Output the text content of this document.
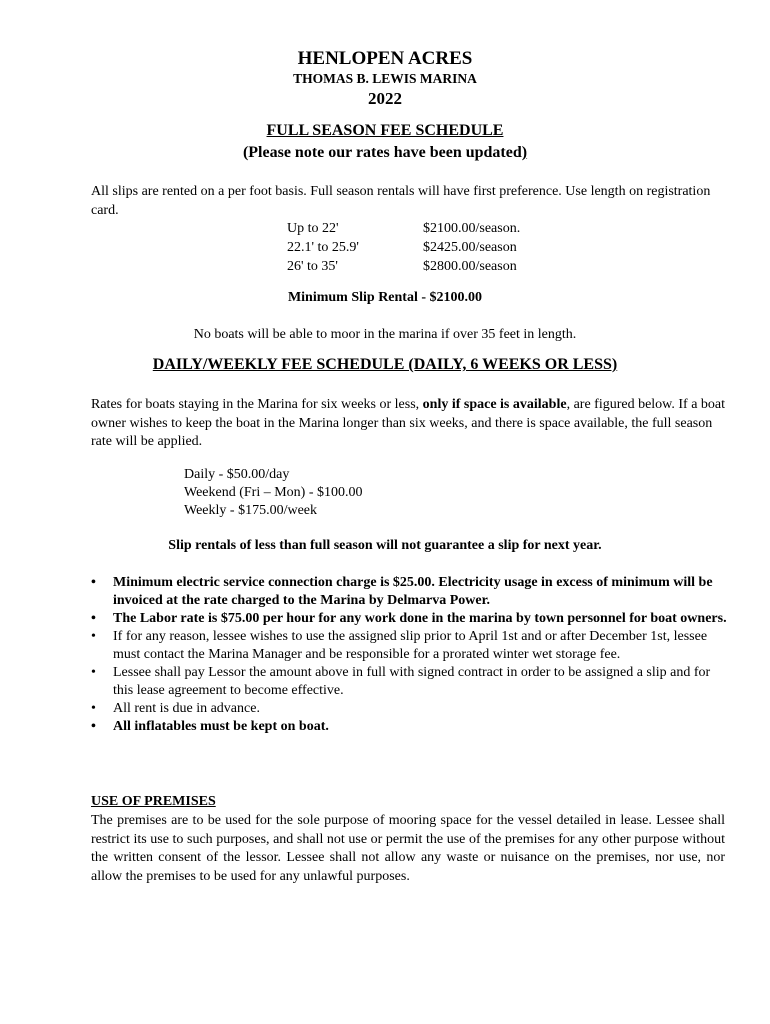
HENLOPEN ACRES
THOMAS B. LEWIS MARINA
2022
FULL SEASON FEE SCHEDULE
(Please note our rates have been updated)
All slips are rented on a per foot basis. Full season rentals will have first preference. Use length on registration card.
Up to 22'	$2100.00/season.
22.1' to 25.9'	$2425.00/season
26' to 35'	$2800.00/season
Minimum Slip Rental - $2100.00
No boats will be able to moor in the marina if over 35 feet in length.
DAILY/WEEKLY FEE SCHEDULE (DAILY, 6 WEEKS OR LESS)
Rates for boats staying in the Marina for six weeks or less, only if space is available, are figured below. If a boat owner wishes to keep the boat in the Marina longer than six weeks, and there is space available, the full season rate will be applied.
Daily - $50.00/day
Weekend (Fri – Mon) - $100.00
Weekly - $175.00/week
Slip rentals of less than full season will not guarantee a slip for next year.
• Minimum electric service connection charge is $25.00. Electricity usage in excess of minimum will be invoiced at the rate charged to the Marina by Delmarva Power.
• The Labor rate is $75.00 per hour for any work done in the marina by town personnel for boat owners.
• If for any reason, lessee wishes to use the assigned slip prior to April 1st and or after December 1st, lessee must contact the Marina Manager and be responsible for a prorated winter wet storage fee.
• Lessee shall pay Lessor the amount above in full with signed contract in order to be assigned a slip and for this lease agreement to become effective.
• All rent is due in advance.
• All inflatables must be kept on boat.
USE OF PREMISES
The premises are to be used for the sole purpose of mooring space for the vessel detailed in lease. Lessee shall restrict its use to such purposes, and shall not use or permit the use of the premises for any other purpose without the written consent of the lessor. Lessee shall not allow any waste or nuisance on the premises, nor use, nor allow the premises to be used for any unlawful purposes.
